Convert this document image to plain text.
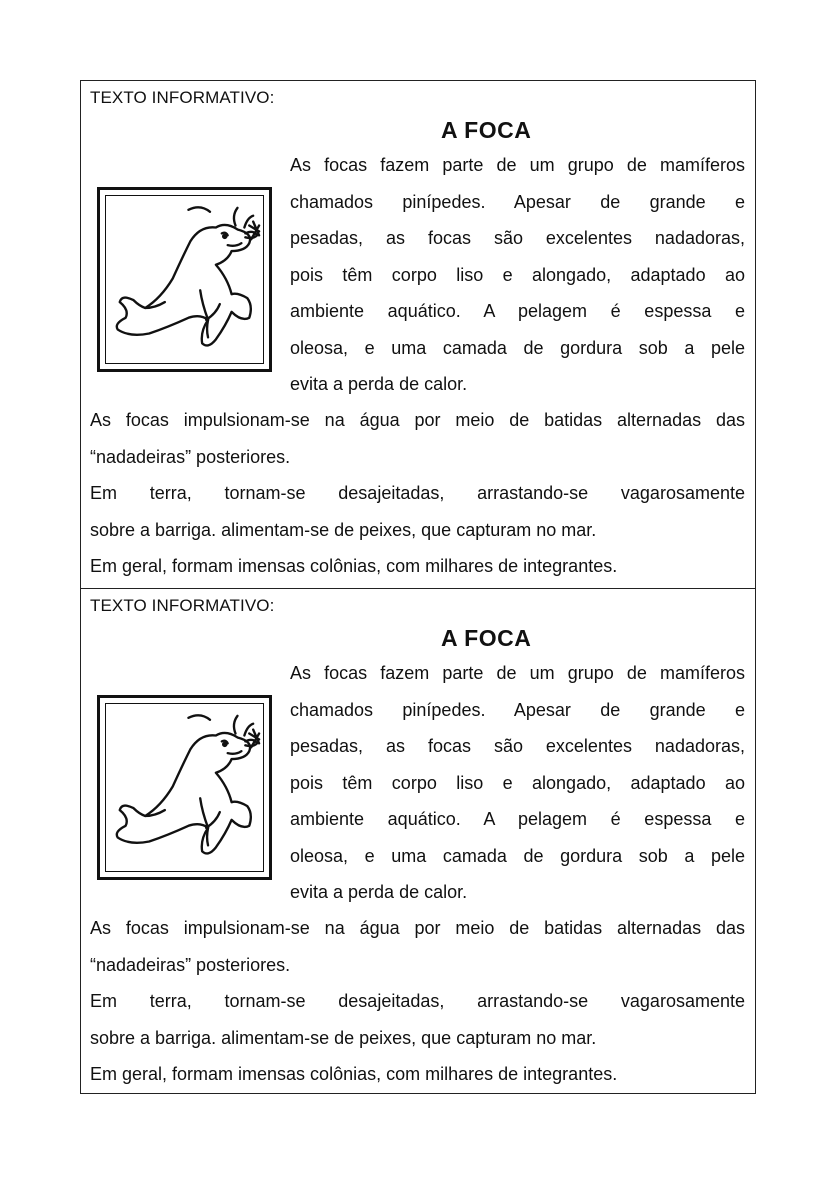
TEXTO INFORMATIVO:
A FOCA

As focas fazem parte de um grupo de mamíferos
chamados pinípedes. Apesar de grande e
pesadas, as focas são excelentes nadadoras,
pois têm corpo liso e alongado, adaptado ao
ambiente aquático. A pelagem é espessa e
oleosa, e uma camada de gordura sob a pele
evita a perda de calor.

As focas impulsionam-se na água por meio de batidas alternadas das
“nadadeiras” posteriores.

Em terra, tornam-se desajeitadas, arrastando-se vagarosamente
sobre a barriga. alimentam-se de peixes, que capturam no mar.

Em geral, formam imensas colônias, com milhares de integrantes.

TEXTO INFORMATIVO:
A FOCA

As focas fazem parte de um grupo de mamíferos
chamados pinípedes. Apesar de grande e
pesadas, as focas são excelentes nadadoras,
pois têm corpo liso e alongado, adaptado ao
ambiente aquático. A pelagem é espessa e
oleosa, e uma camada de gordura sob a pele
evita a perda de calor.

As focas impulsionam-se na água por meio de batidas alternadas das
“nadadeiras” posteriores.

Em terra, tornam-se desajeitadas, arrastando-se vagarosamente
sobre a barriga. alimentam-se de peixes, que capturam no mar.

Em geral, formam imensas colônias, com milhares de integrantes.
